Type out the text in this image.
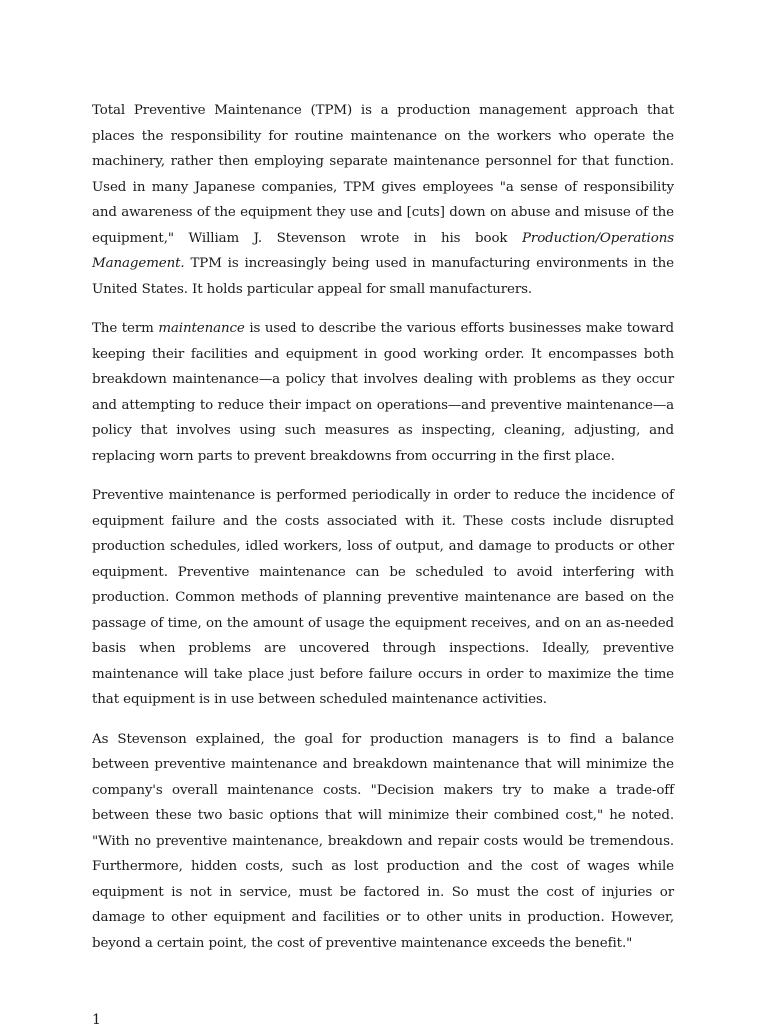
Total Preventive Maintenance (TPM) is a production management approach that places the responsibility for routine maintenance on the workers who operate the machinery, rather then employing separate maintenance personnel for that function. Used in many Japanese companies, TPM gives employees "a sense of responsibility and awareness of the equipment they use and [cuts] down on abuse and misuse of the equipment," William J. Stevenson wrote in his book Production/Operations Management. TPM is increasingly being used in manufacturing environments in the United States. It holds particular appeal for small manufacturers.

The term maintenance is used to describe the various efforts businesses make toward keeping their facilities and equipment in good working order. It encompasses both breakdown maintenance—a policy that involves dealing with problems as they occur and attempting to reduce their impact on operations—and preventive maintenance—a policy that involves using such measures as inspecting, cleaning, adjusting, and replacing worn parts to prevent breakdowns from occurring in the first place.

Preventive maintenance is performed periodically in order to reduce the incidence of equipment failure and the costs associated with it. These costs include disrupted production schedules, idled workers, loss of output, and damage to products or other equipment. Preventive maintenance can be scheduled to avoid interfering with production. Common methods of planning preventive maintenance are based on the passage of time, on the amount of usage the equipment receives, and on an as-needed basis when problems are uncovered through inspections. Ideally, preventive maintenance will take place just before failure occurs in order to maximize the time that equipment is in use between scheduled maintenance activities.

As Stevenson explained, the goal for production managers is to find a balance between preventive maintenance and breakdown maintenance that will minimize the company's overall maintenance costs. "Decision makers try to make a trade-off between these two basic options that will minimize their combined cost," he noted. "With no preventive maintenance, breakdown and repair costs would be tremendous. Furthermore, hidden costs, such as lost production and the cost of wages while equipment is not in service, must be factored in. So must the cost of injuries or damage to other equipment and facilities or to other units in production. However, beyond a certain point, the cost of preventive maintenance exceeds the benefit."

1
